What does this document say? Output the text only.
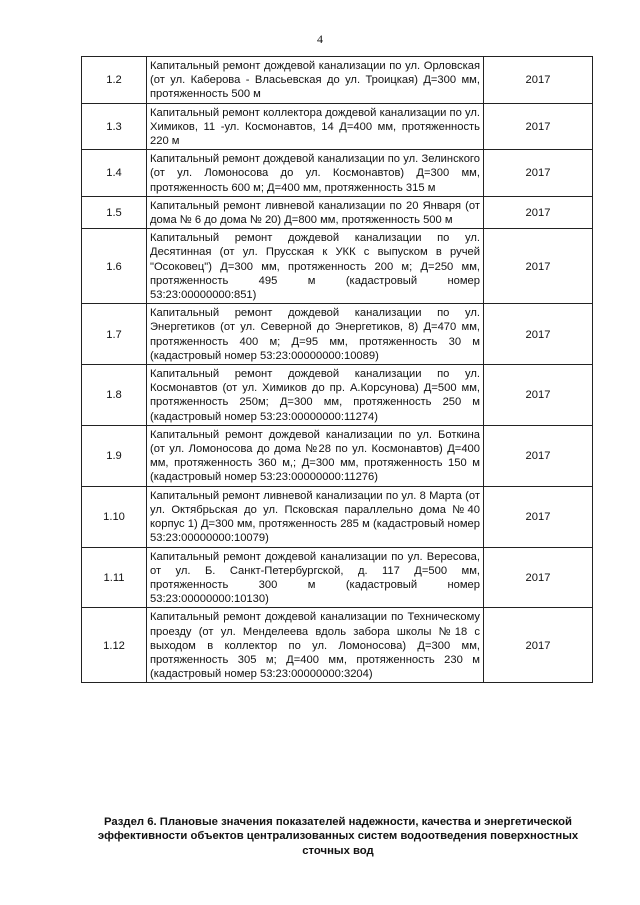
4
1.2	Капитальный ремонт дождевой канализации по ул. Орловская (от ул. Каберова - Власьевская до ул. Троицкая) Д=300 мм, протяженность 500 м	2017
1.3	Капитальный ремонт коллектора дождевой канализации по ул. Химиков, 11 -ул. Космонавтов, 14 Д=400 мм, протяженность 220 м	2017
1.4	Капитальный ремонт дождевой канализации по ул. Зелинского (от ул. Ломоносова до ул. Космонавтов) Д=300 мм, протяженность 600 м; Д=400 мм, протяженность 315 м	2017
1.5	Капитальный ремонт ливневой канализации по 20 Января (от дома № 6 до дома № 20) Д=800 мм, протяженность 500 м	2017
1.6	Капитальный ремонт дождевой канализации по ул. Десятинная (от ул. Прусская к УКК с выпуском в ручей "Осоковец") Д=300 мм, протяженность 200 м; Д=250 мм, протяженность 495 м (кадастровый номер 53:23:00000000:851)	2017
1.7	Капитальный ремонт дождевой канализации по ул. Энергетиков (от ул. Северной до Энергетиков, 8) Д=470 мм, протяженность 400 м; Д=95 мм, протяженность 30 м (кадастровый номер 53:23:00000000:10089)	2017
1.8	Капитальный ремонт дождевой канализации по ул. Космонавтов (от ул. Химиков до пр. А.Корсунова) Д=500 мм, протяженность 250м; Д=300 мм, протяженность 250 м (кадастровый номер 53:23:00000000:11274)	2017
1.9	Капитальный ремонт дождевой канализации по ул. Боткина (от ул. Ломоносова до дома №28 по ул. Космонавтов) Д=400 мм, протяженность 360 м,; Д=300 мм, протяженность 150 м (кадастровый номер 53:23:00000000:11276)	2017
1.10	Капитальный ремонт ливневой канализации по ул. 8 Марта (от ул. Октябрьская до ул. Псковская параллельно дома №40 корпус 1) Д=300 мм, протяженность 285 м (кадастровый номер 53:23:00000000:10079)	2017
1.11	Капитальный ремонт дождевой канализации по ул. Вересова, от ул. Б. Санкт-Петербургской, д. 117 Д=500 мм, протяженность 300 м (кадастровый номер 53:23:00000000:10130)	2017
1.12	Капитальный ремонт дождевой канализации по Техническому проезду (от ул. Менделеева вдоль забора школы №18 с выходом в коллектор по ул. Ломоносова) Д=300 мм, протяженность 305 м; Д=400 мм, протяженность 230 м (кадастровый номер 53:23:00000000:3204)	2017
Раздел 6. Плановые значения показателей надежности, качества и энергетической эффективности объектов централизованных систем водоотведения поверхностных сточных вод
